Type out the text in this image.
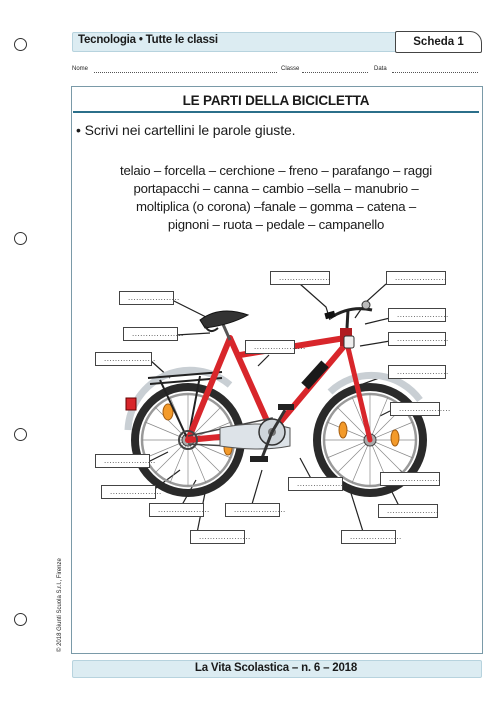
Tecnologia • Tutte le classi	Scheda 1
Nome	Classe	Data
LE PARTI DELLA BICICLETTA
• Scrivi nei cartellini le parole giuste.
telaio – forcella – cerchione – freno – parafango – raggi
portapacchi – canna – cambio –sella – manubrio –
moltiplica (o corona) –fanale – gomma – catena –
pignoni – ruota – pedale – campanello
...................	...................
...................
...................
...................
...................
...................
...................
...................
...................
...................
...................
...................
...................
...................	...................	...................
...................	...................
© 2018 Giunti Scuola S.r.l., Firenze
La Vita Scolastica – n. 6 – 2018
